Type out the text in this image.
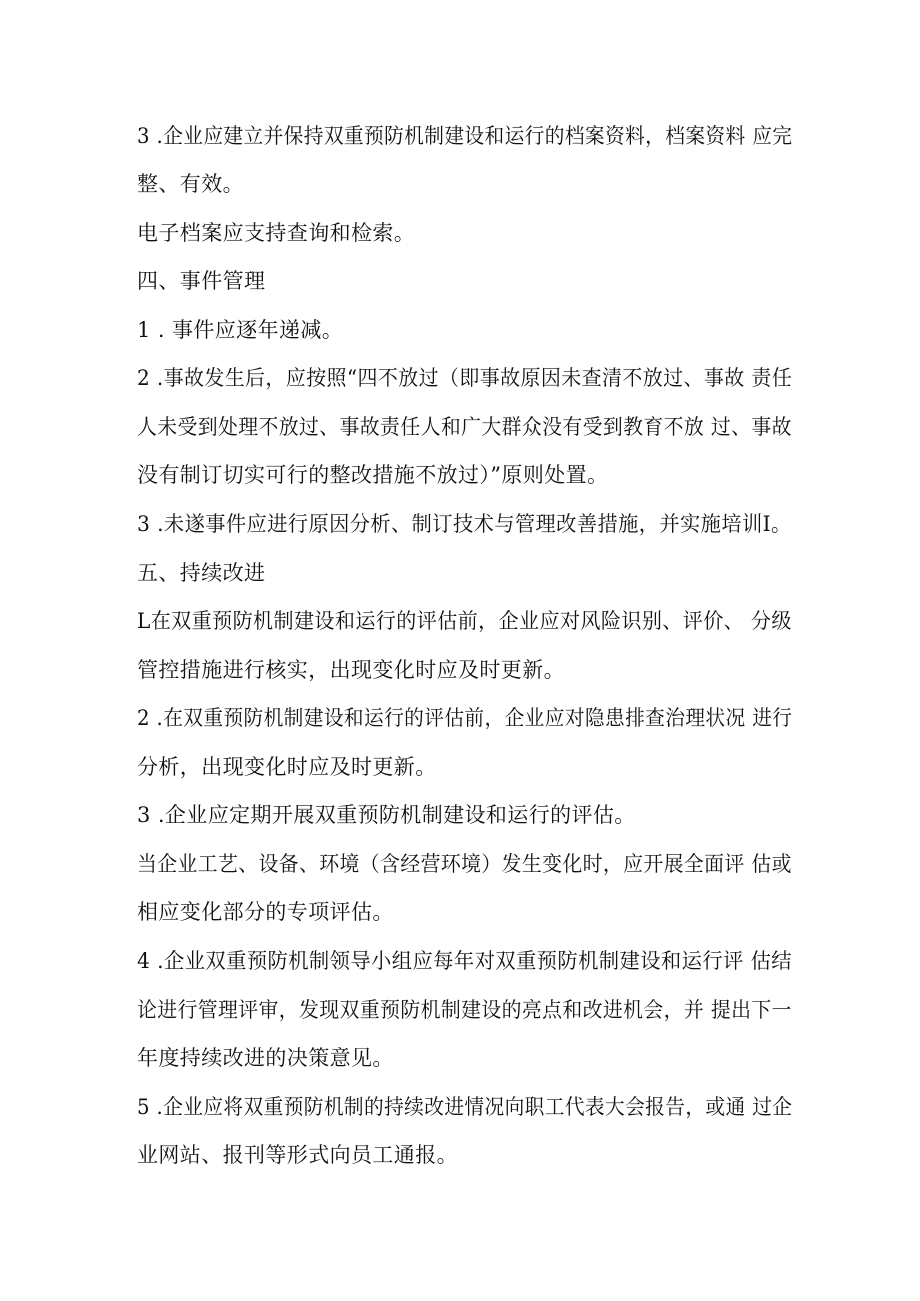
3 .企业应建立并保持双重预防机制建设和运行的档案资料，档案资料 应完
整、有效。
电子档案应支持查询和检索。
四、事件管理
1 . 事件应逐年递减。
2 .事故发生后，应按照“四不放过（即事故原因未查清不放过、事故 责任
人未受到处理不放过、事故责任人和广大群众没有受到教育不放 过、事故
没有制订切实可行的整改措施不放过）”原则处置。
3 .未遂事件应进行原因分析、制订技术与管理改善措施，并实施培训I。
五、持续改进
L在双重预防机制建设和运行的评估前，企业应对风险识别、评价、 分级
管控措施进行核实，出现变化时应及时更新。
2 .在双重预防机制建设和运行的评估前，企业应对隐患排查治理状况 进行
分析，出现变化时应及时更新。
3 .企业应定期开展双重预防机制建设和运行的评估。
当企业工艺、设备、环境（含经营环境）发生变化时，应开展全面评 估或
相应变化部分的专项评估。
4 .企业双重预防机制领导小组应每年对双重预防机制建设和运行评 估结
论进行管理评审，发现双重预防机制建设的亮点和改进机会，并 提出下一
年度持续改进的决策意见。
5 .企业应将双重预防机制的持续改进情况向职工代表大会报告，或通 过企
业网站、报刊等形式向员工通报。
